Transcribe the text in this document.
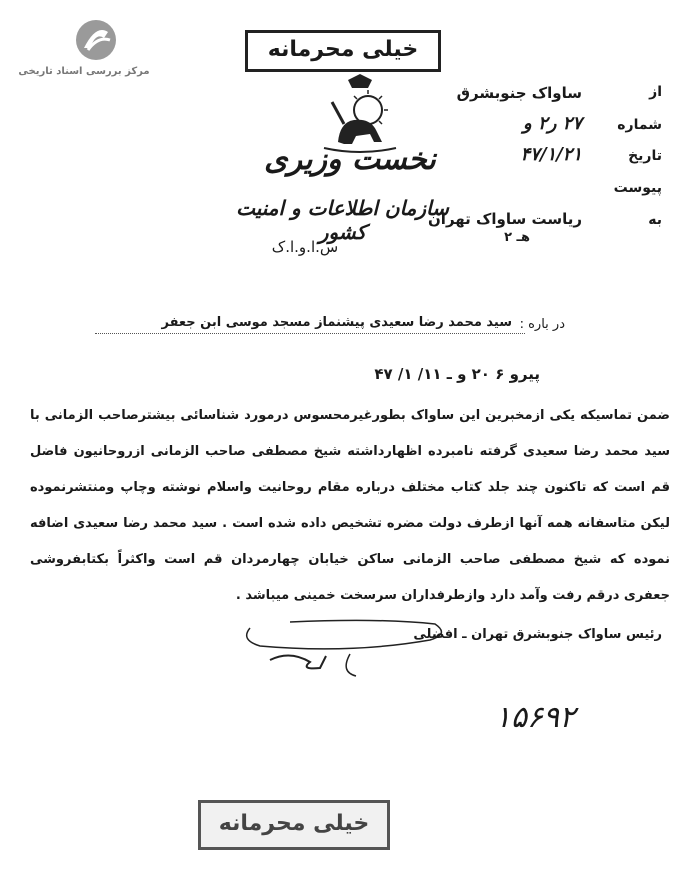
مرکز بررسی اسناد تاریخی
خیلی محرمانه
نخست وزیری
سازمان اطلاعات و امنیت کشور
س.ا.و.ا.ک
از
ساواک جنوبشرق
شماره
۲۷ ر۲ و
تاریخ
۴۷/۱/۲۱
پیوست
به
ریاست ساواک تهران
هـ ۲
در باره :
سید محمد رضا سعیدی پیشنماز مسجد موسی ابن جعفر
پیرو ۶ ۲۰ و ـ ۱۱/ ۱/ ۴۷
ضمن تماسیکه یکی ازمخبرین این ساواک بطورغیرمحسوس درمورد شناسائی بیشترصاحب الزمانی با سید محمد رضا سعیدی گرفته نامبرده اظهارداشته شیخ مصطفی صاحب الزمانی ازروحانیون فاضل قم است که تاکنون چند جلد کتاب مختلف درباره مقام روحانیت واسلام نوشته وچاپ ومنتشرنموده لیکن متاسفانه همه آنها ازطرف دولت مضره تشخیص داده شده است . سید محمد رضا سعیدی اضافه نموده که شیخ مصطفی صاحب الزمانی ساکن خیابان چهارمردان قم است واکثراً بکتابفروشی جعفری درقم رفت وآمد دارد وازطرفداران سرسخت خمینی میباشد .
رئیس ساواک جنوبشرق تهران ـ افضلی
۱۵۶۹۲
خیلی محرمانه
